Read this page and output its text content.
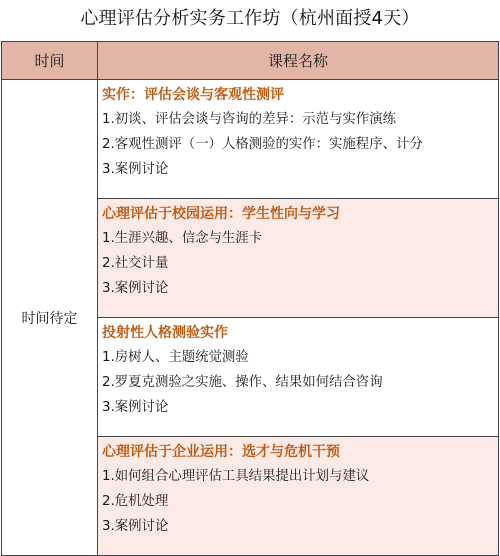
心理评估分析实务工作坊（杭州面授4天）
时间	课程名称
时间待定	实作：评估会谈与客观性测评
1.初谈、评估会谈与咨询的差异：示范与实作演练
2.客观性测评（一）人格测验的实作：实施程序、计分
3.案例讨论

	心理评估于校园运用：学生性向与学习
1.生涯兴趣、信念与生涯卡
2.社交计量
3.案例讨论

	投射性人格测验实作
1.房树人、主题统觉测验
2.罗夏克测验之实施、操作、结果如何结合咨询
3.案例讨论

	心理评估于企业运用：选才与危机干预
1.如何组合心理评估工具结果提出计划与建议
2.危机处理
3.案例讨论
